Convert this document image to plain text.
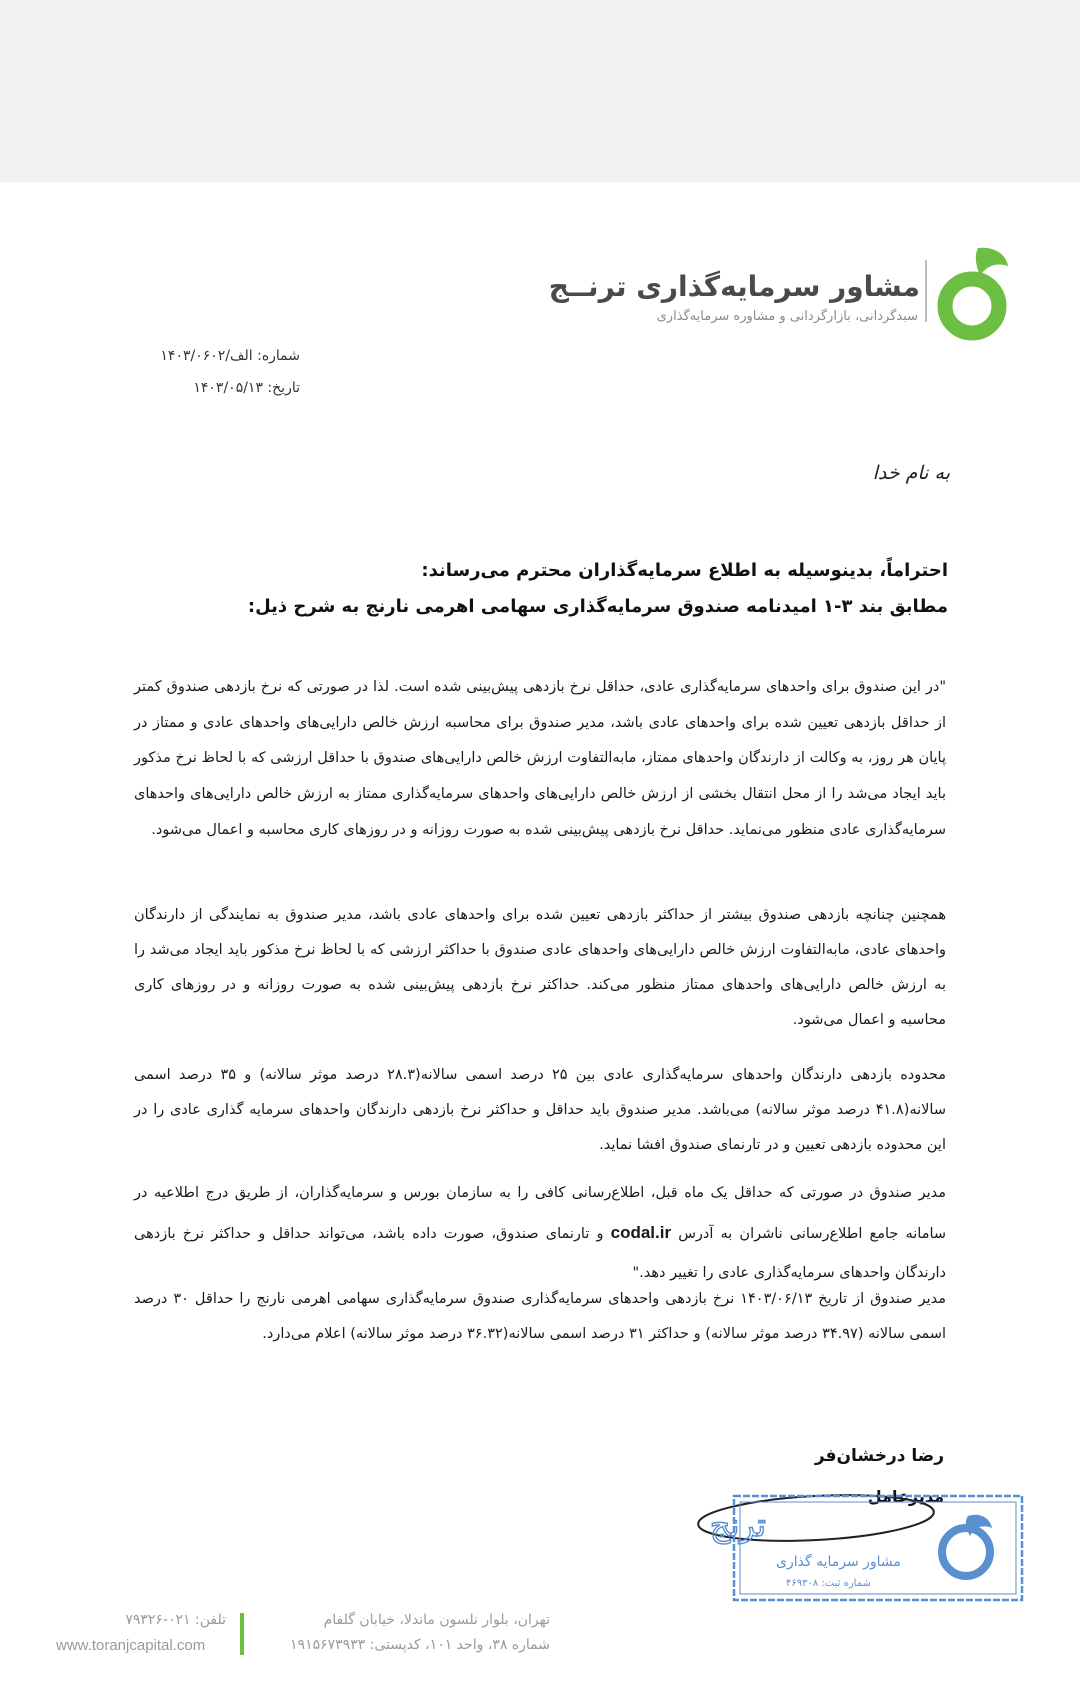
مشاور سرمایه‌گذاری ترنــج
سبدگردانی، بازارگردانی و مشاوره سرمایه‌گذاری
شماره: الف/۱۴۰۳/۰۶۰۲
تاریخ: ۱۴۰۳/۰۵/۱۳
به نام خدا
احتراماً، بدینوسیله به اطلاع سرمایه‌گذاران محترم می‌رساند:
مطابق بند ۳-۱ امیدنامه صندوق سرمایه‌گذاری سهامی اهرمی نارنج به شرح ذیل:
"در این صندوق برای واحدهای سرمایه‌گذاری عادی، حداقل نرخ بازدهی پیش‌بینی شده است. لذا در صورتی که نرخ بازدهی صندوق کمتر از حداقل بازدهی تعیین شده برای واحدهای عادی باشد، مدیر صندوق برای محاسبه ارزش خالص دارایی‌های واحدهای عادی و ممتاز در پایان هر روز، به وکالت از دارندگان واحدهای ممتاز، مابه‌التفاوت ارزش خالص دارایی‌های صندوق با حداقل ارزشی که با لحاظ نرخ مذکور باید ایجاد می‌شد را از محل انتقال بخشی از ارزش خالص دارایی‌های واحدهای سرمایه‌گذاری ممتاز به ارزش خالص دارایی‌های واحدهای سرمایه‌گذاری عادی منظور می‌نماید. حداقل نرخ بازدهی پیش‌بینی شده به صورت روزانه و در روزهای کاری محاسبه و اعمال می‌شود.
همچنین چنانچه بازدهی صندوق بیشتر از حداکثر بازدهی تعیین شده برای واحدهای عادی باشد، مدیر صندوق به نمایندگی از دارندگان واحدهای عادی، مابه‌التفاوت ارزش خالص دارایی‌های واحدهای عادی صندوق با حداکثر ارزشی که با لحاظ نرخ مذکور باید ایجاد می‌شد را به ارزش خالص دارایی‌های واحدهای ممتاز منظور می‌کند. حداکثر نرخ بازدهی پیش‌بینی شده به صورت روزانه و در روزهای کاری محاسبه و اعمال می‌شود.
محدوده بازدهی دارندگان واحدهای سرمایه‌گذاری عادی بین ۲۵ درصد اسمی سالانه(۲۸.۳ درصد موثر سالانه) و ۳۵ درصد اسمی سالانه(۴۱.۸ درصد موثر سالانه) می‌باشد. مدیر صندوق باید حداقل و حداکثر نرخ بازدهی دارندگان واحدهای سرمایه گذاری عادی را در این محدوده بازدهی تعیین و در تارنمای صندوق افشا نماید.
مدیر صندوق در صورتی که حداقل یک ماه قبل، اطلاع‌رسانی کافی را به سازمان بورس و سرمایه‌گذاران، از طریق درج اطلاعیه در سامانه جامع اطلاع‌رسانی ناشران به آدرس codal.ir و تارنمای صندوق، صورت داده باشد، می‌تواند حداقل و حداکثر نرخ بازدهی دارندگان واحدهای سرمایه‌گذاری عادی را تغییر دهد."
مدیر صندوق از تاریخ ۱۴۰۳/۰۶/۱۳ نرخ بازدهی واحدهای سرمایه‌گذاری صندوق سرمایه‌گذاری سهامی اهرمی نارنج را حداقل ۳۰ درصد اسمی سالانه (۳۴.۹۷ درصد موثر سالانه) و حداکثر ۳۱ درصد اسمی سالانه(۳۶.۳۲ درصد موثر سالانه) اعلام می‌دارد.
رضا درخشان‌فر
مدیرعامل
ترنج
مشاور سرمایه گذاری
شماره ثبت: ۴۶۹۳۰۸
تهران، بلوار نلسون ماندلا، خیابان گلفام
شماره ۳۸، واحد ۱۰۱، کدپستی: ۱۹۱۵۶۷۳۹۳۳
تلفن: ۰۲۱-۷۹۳۲۶
www.toranjcapital.com
